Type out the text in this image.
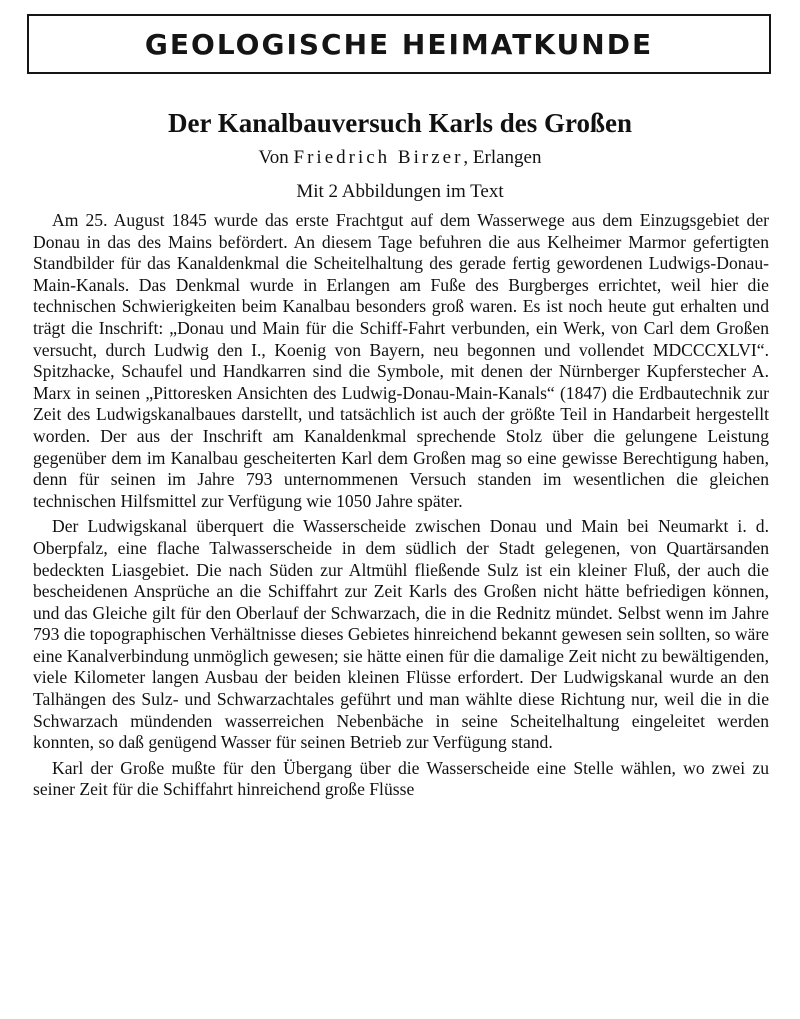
GEOLOGISCHE HEIMATKUNDE
Der Kanalbauversuch Karls des Großen
Von Friedrich Birzer, Erlangen
Mit 2 Abbildungen im Text

Am 25. August 1845 wurde das erste Frachtgut auf dem Wasserwege aus dem Einzugsgebiet der Donau in das des Mains befördert. An diesem Tage befuhren die aus Kelheimer Marmor gefertigten Standbilder für das Kanaldenkmal die Scheitelhaltung des gerade fertig gewordenen Ludwigs-Donau-Main-Kanals. Das Denkmal wurde in Erlangen am Fuße des Burgberges errichtet, weil hier die technischen Schwierigkeiten beim Kanalbau besonders groß waren. Es ist noch heute gut erhalten und trägt die Inschrift: „Donau und Main für die Schiff-Fahrt verbunden, ein Werk, von Carl dem Großen versucht, durch Ludwig den I., Koenig von Bayern, neu begonnen und vollendet MDCCCXLVI“. Spitzhacke, Schaufel und Handkarren sind die Symbole, mit denen der Nürnberger Kupferstecher A. Marx in seinen „Pittoresken Ansichten des Ludwig-Donau-Main-Kanals“ (1847) die Erdbautechnik zur Zeit des Ludwigskanalbaues darstellt, und tatsächlich ist auch der größte Teil in Handarbeit hergestellt worden. Der aus der Inschrift am Kanaldenkmal sprechende Stolz über die gelungene Leistung gegenüber dem im Kanalbau gescheiterten Karl dem Großen mag so eine gewisse Berechtigung haben, denn für seinen im Jahre 793 unternommenen Versuch standen im wesentlichen die gleichen technischen Hilfsmittel zur Verfügung wie 1050 Jahre später.

Der Ludwigskanal überquert die Wasserscheide zwischen Donau und Main bei Neumarkt i. d. Oberpfalz, eine flache Talwasserscheide in dem südlich der Stadt gelegenen, von Quartärsanden bedeckten Liasgebiet. Die nach Süden zur Altmühl fließende Sulz ist ein kleiner Fluß, der auch die bescheidenen Ansprüche an die Schiffahrt zur Zeit Karls des Großen nicht hätte befriedigen können, und das Gleiche gilt für den Oberlauf der Schwarzach, die in die Rednitz mündet. Selbst wenn im Jahre 793 die topographischen Verhältnisse dieses Gebietes hinreichend bekannt gewesen sein sollten, so wäre eine Kanalverbindung unmöglich gewesen; sie hätte einen für die damalige Zeit nicht zu bewältigenden, viele Kilometer langen Ausbau der beiden kleinen Flüsse erfordert. Der Ludwigskanal wurde an den Talhängen des Sulz- und Schwarzachtales geführt und man wählte diese Richtung nur, weil die in die Schwarzach mündenden wasserreichen Nebenbäche in seine Scheitelhaltung eingeleitet werden konnten, so daß genügend Wasser für seinen Betrieb zur Verfügung stand.

Karl der Große mußte für den Übergang über die Wasserscheide eine Stelle wählen, wo zwei zu seiner Zeit für die Schiffahrt hinreichend große Flüsse
